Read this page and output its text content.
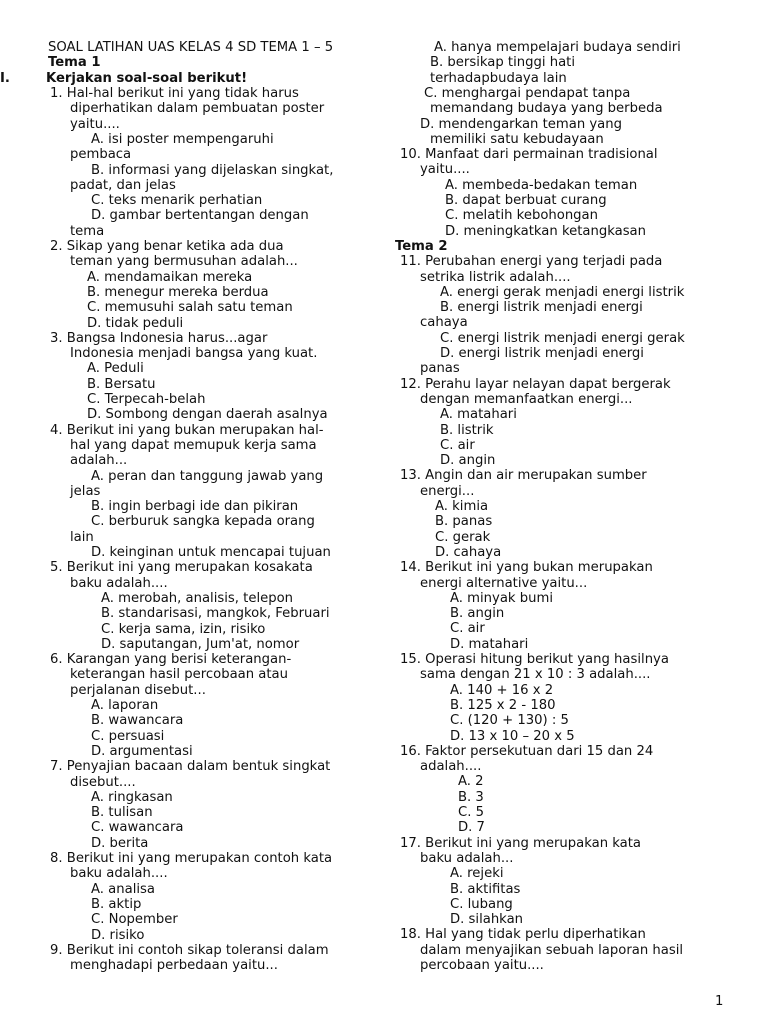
SOAL LATIHAN UAS KELAS 4 SD TEMA 1 – 5
Tema 1
I.	Kerjakan soal-soal berikut!
1. Hal-hal berikut ini yang tidak harus
diperhatikan dalam pembuatan poster
yaitu....
A. isi poster mempengaruhi
pembaca
B. informasi yang dijelaskan singkat,
padat, dan jelas
C. teks menarik perhatian
D. gambar bertentangan dengan
tema
2. Sikap yang benar ketika ada dua
teman yang bermusuhan adalah...
A. mendamaikan mereka
B. menegur mereka berdua
C. memusuhi salah satu teman
D. tidak peduli
3. Bangsa Indonesia harus...agar
Indonesia menjadi bangsa yang kuat.
A. Peduli
B. Bersatu
C. Terpecah-belah
D. Sombong dengan daerah asalnya
4. Berikut ini yang bukan merupakan hal-
hal yang dapat memupuk kerja sama
adalah...
A. peran dan tanggung jawab yang
jelas
B. ingin berbagi ide dan pikiran
C. berburuk sangka kepada orang
lain
D. keinginan untuk mencapai tujuan
5. Berikut ini yang merupakan kosakata
baku adalah....
A. merobah, analisis, telepon
B. standarisasi, mangkok, Februari
C. kerja sama, izin, risiko
D. saputangan, Jum'at, nomor
6. Karangan yang berisi keterangan-
keterangan hasil percobaan atau
perjalanan disebut...
A. laporan
B. wawancara
C. persuasi
D. argumentasi
7. Penyajian bacaan dalam bentuk singkat
disebut....
A. ringkasan
B. tulisan
C. wawancara
D. berita
8. Berikut ini yang merupakan contoh kata
baku adalah....
A. analisa
B. aktip
C. Nopember
D. risiko
9. Berikut ini contoh sikap toleransi dalam
menghadapi perbedaan yaitu...
A. hanya mempelajari budaya sendiri
B. bersikap tinggi hati
terhadapbudaya lain
C. menghargai pendapat tanpa
memandang budaya yang berbeda
D. mendengarkan teman yang
memiliki satu kebudayaan
10. Manfaat dari permainan tradisional
yaitu....
A. membeda-bedakan teman
B. dapat berbuat curang
C. melatih kebohongan
D. meningkatkan ketangkasan
Tema 2
11. Perubahan energi yang terjadi pada
setrika listrik adalah....
A. energi gerak menjadi energi listrik
B. energi listrik menjadi energi
cahaya
C. energi listrik menjadi energi gerak
D. energi listrik menjadi energi
panas
12. Perahu layar nelayan dapat bergerak
dengan memanfaatkan energi...
A. matahari
B. listrik
C. air
D. angin
13. Angin dan air merupakan sumber
energi...
A. kimia
B. panas
C. gerak
D. cahaya
14. Berikut ini yang bukan merupakan
energi alternative yaitu...
A. minyak bumi
B. angin
C. air
D. matahari
15. Operasi hitung berikut yang hasilnya
sama dengan 21 x 10 : 3 adalah....
A. 140 + 16 x 2
B. 125 x 2 - 180
C. (120 + 130) : 5
D. 13 x 10 – 20 x 5
16. Faktor persekutuan dari 15 dan 24
adalah....
A. 2
B. 3
C. 5
D. 7
17. Berikut ini yang merupakan kata
baku adalah...
A. rejeki
B. aktifitas
C. lubang
D. silahkan
18. Hal yang tidak perlu diperhatikan
dalam menyajikan sebuah laporan hasil
percobaan yaitu....
1
